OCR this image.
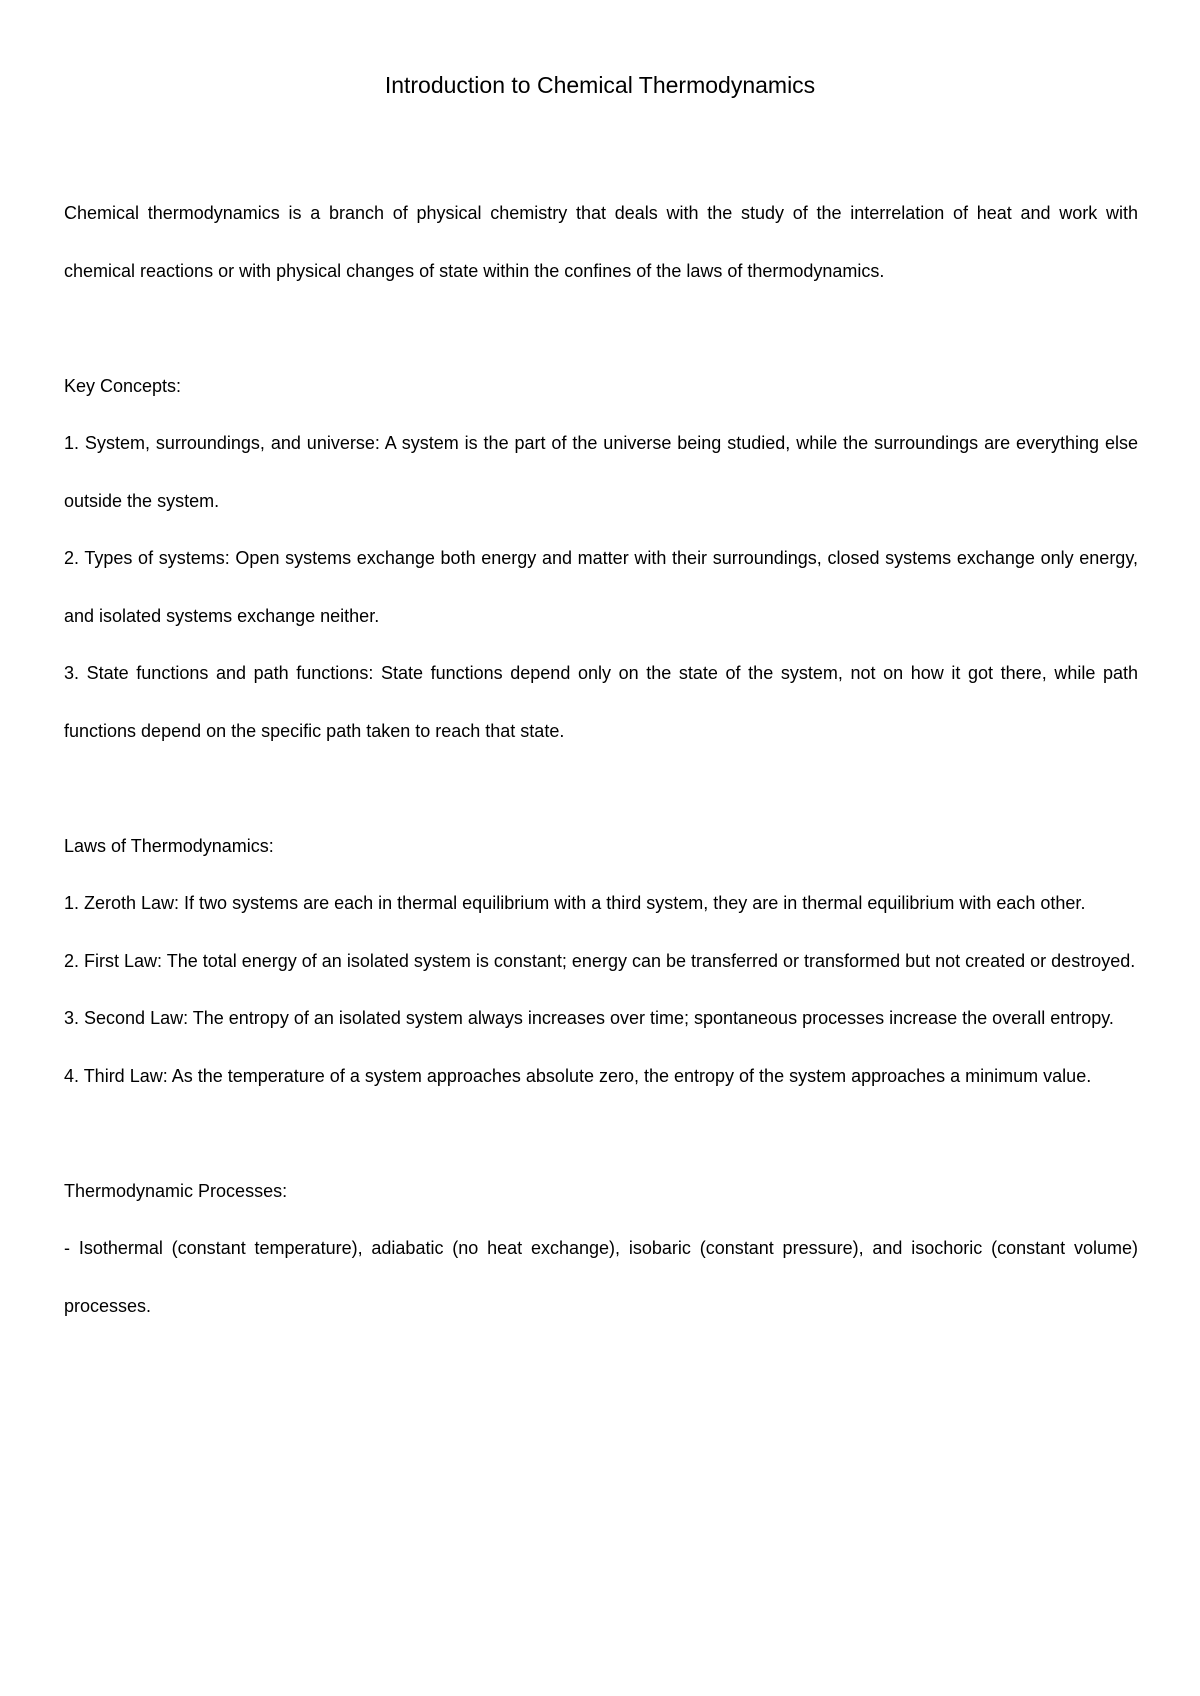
Introduction to Chemical Thermodynamics

Chemical thermodynamics is a branch of physical chemistry that deals with the study of the interrelation of heat and work with chemical reactions or with physical changes of state within the confines of the laws of thermodynamics.

Key Concepts:

1. System, surroundings, and universe: A system is the part of the universe being studied, while the surroundings are everything else outside the system.

2. Types of systems: Open systems exchange both energy and matter with their surroundings, closed systems exchange only energy, and isolated systems exchange neither.

3. State functions and path functions: State functions depend only on the state of the system, not on how it got there, while path functions depend on the specific path taken to reach that state.

Laws of Thermodynamics:

1. Zeroth Law: If two systems are each in thermal equilibrium with a third system, they are in thermal equilibrium with each other.

2. First Law: The total energy of an isolated system is constant; energy can be transferred or transformed but not created or destroyed.

3. Second Law: The entropy of an isolated system always increases over time; spontaneous processes increase the overall entropy.

4. Third Law: As the temperature of a system approaches absolute zero, the entropy of the system approaches a minimum value.

Thermodynamic Processes:

- Isothermal (constant temperature), adiabatic (no heat exchange), isobaric (constant pressure), and isochoric (constant volume) processes.
